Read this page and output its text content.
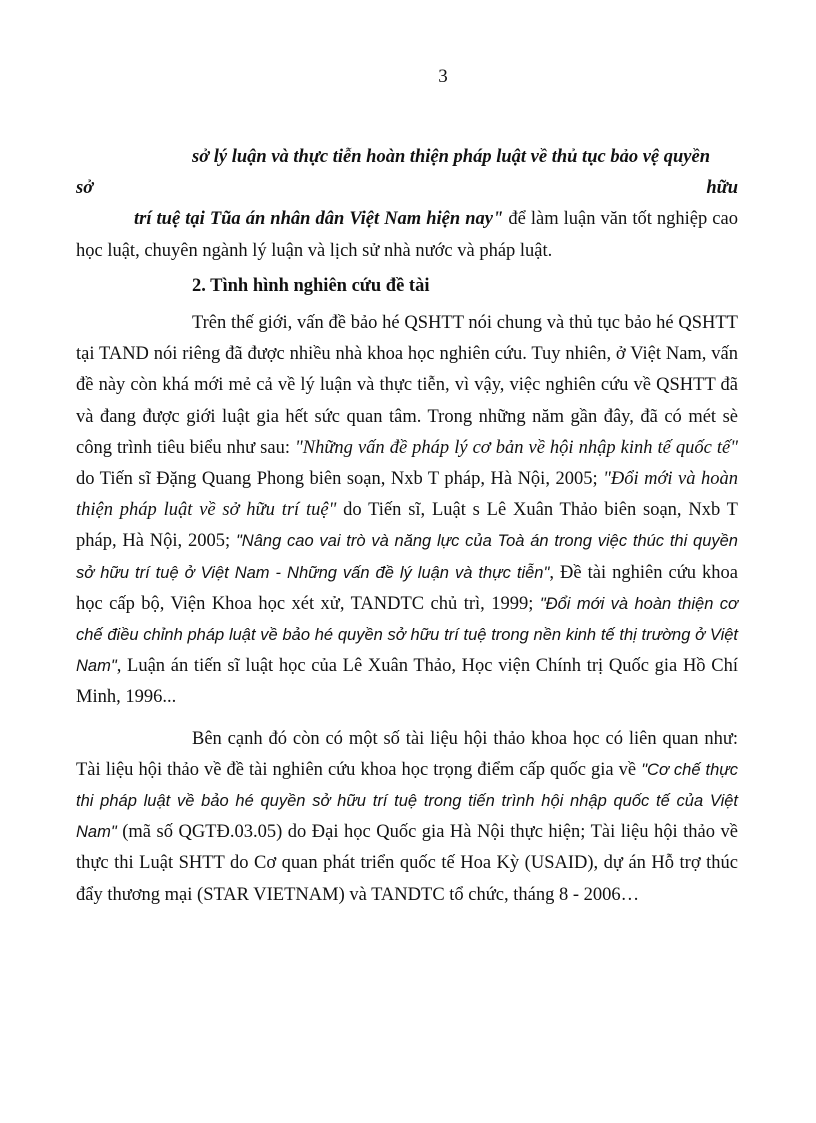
3

sở lý luận và thực tiễn hoàn thiện pháp luật về thủ tục bảo vệ quyền

sở	hữu

trí tuệ tại Tũa án nhân dân Việt Nam hiện nay" để làm luận văn tốt nghiệp cao học luật, chuyên ngành lý luận và lịch sử nhà nước và pháp luật.

2. Tình hình nghiên cứu đề tài

Trên thế giới, vấn đề bảo hé QSHTT nói chung và thủ tục bảo hé QSHTT tại TAND nói riêng đã được nhiều nhà khoa học nghiên cứu. Tuy nhiên, ở Việt Nam, vấn đề này còn khá mới mẻ cả về lý luận và thực tiễn, vì vậy, việc nghiên cứu về QSHTT đã và đang được giới luật gia hết sức quan tâm. Trong những năm gần đây, đã có mét sè công trình tiêu biểu như sau: "Những vấn đề pháp lý cơ bản về hội nhập kinh tế quốc tế" do Tiến sĩ Đặng Quang Phong biên soạn, Nxb T pháp, Hà Nội, 2005; "Đổi mới và hoàn thiện pháp luật về sở hữu trí tuệ" do Tiến sĩ, Luật s Lê Xuân Thảo biên soạn, Nxb T pháp, Hà Nội, 2005; "Nâng cao vai trò và năng lực của Toà án trong việc thúc thi quyền sở hữu trí tuệ ở Việt Nam - Những vấn đề lý luận và thực tiễn", Đề tài nghiên cứu khoa học cấp bộ, Viện Khoa học xét xử, TANDTC chủ trì, 1999; "Đổi mới và hoàn thiện cơ chế điều chỉnh pháp luật về bảo hé quyền sở hữu trí tuệ trong nền kinh tế thị trường ở Việt Nam", Luận án tiến sĩ luật học của Lê Xuân Thảo, Học viện Chính trị Quốc gia Hồ Chí Minh, 1996...

Bên cạnh đó còn có một số tài liệu hội thảo khoa học có liên quan như: Tài liệu hội thảo về đề tài nghiên cứu khoa học trọng điểm cấp quốc gia về "Cơ chế thực thi pháp luật về bảo hé quyền sở hữu trí tuệ trong tiến trình hội nhập quốc tế của Việt Nam" (mã số QGTĐ.03.05) do Đại học Quốc gia Hà Nội thực hiện; Tài liệu hội thảo về thực thi Luật SHTT do Cơ quan phát triển quốc tế Hoa Kỳ (USAID), dự án Hỗ trợ thúc đẩy thương mại (STAR VIETNAM) và TANDTC tổ chức, tháng 8 - 2006…
